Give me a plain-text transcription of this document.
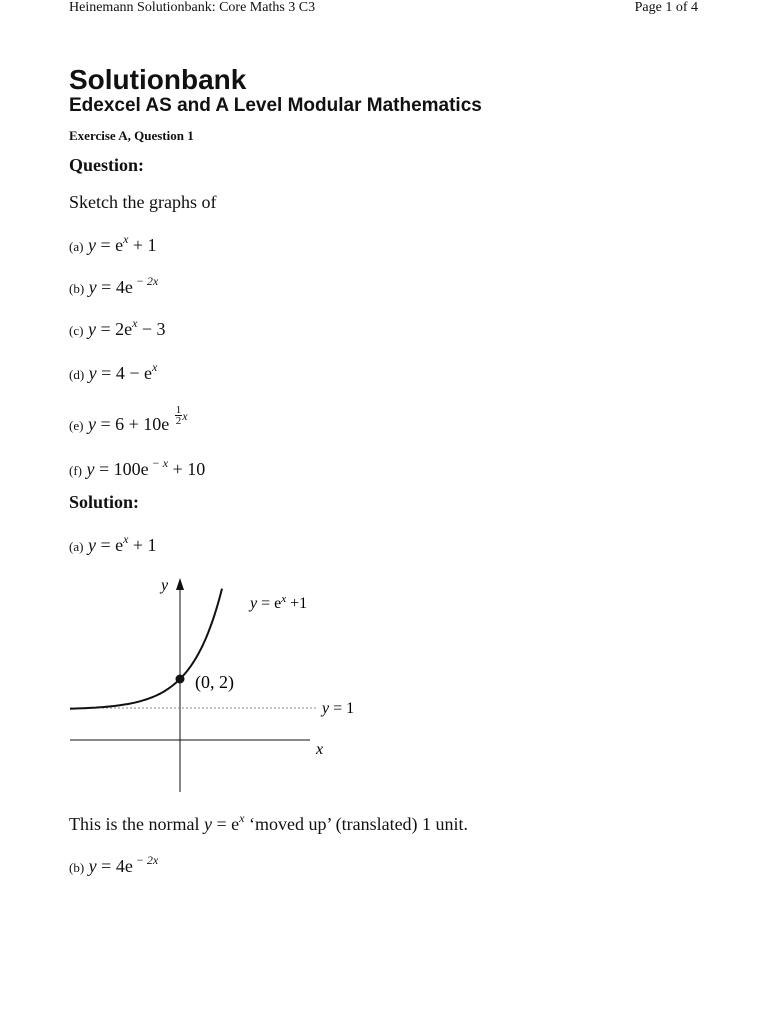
Heinemann Solutionbank: Core Maths 3 C3	Page 1 of 4
Solutionbank
Edexcel AS and A Level Modular Mathematics
Exercise A, Question 1
Question:
Sketch the graphs of
(a) $y = e^x + 1$
(b) y = 4e $^{- 2x}$
(c) $y = 2e^x - 3$
(d) $y = 4 - e^x$
(e) $y = 6 + 10e \frac{1}{2} ^x$
(f) y = 100e $^{- x}$ + 10
Solution:
(a) $y = e^x + 1$
y
x
$y = e^x +1$
(0, 2)
y = 1
This is the normal $y = e^x$ ‘moved up’ (translated) 1 unit.
(b) y = 4e $^{- 2x}$
